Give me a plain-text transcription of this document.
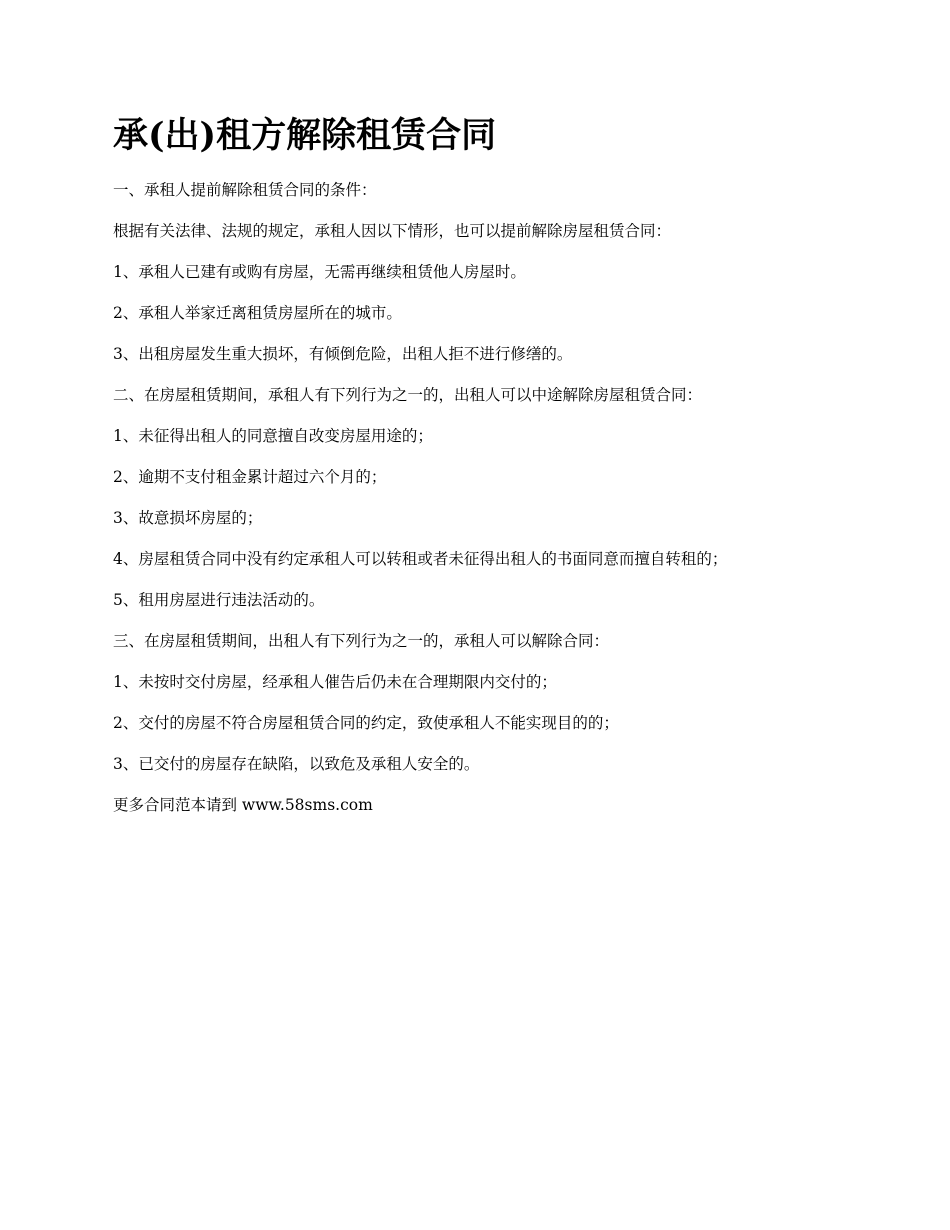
承(出)租方解除租赁合同

一、承租人提前解除租赁合同的条件：

根据有关法律、法规的规定，承租人因以下情形，也可以提前解除房屋租赁合同：

1、承租人已建有或购有房屋，无需再继续租赁他人房屋时。

2、承租人举家迁离租赁房屋所在的城市。

3、出租房屋发生重大损坏，有倾倒危险，出租人拒不进行修缮的。

二、在房屋租赁期间，承租人有下列行为之一的，出租人可以中途解除房屋租赁合同：

1、未征得出租人的同意擅自改变房屋用途的；

2、逾期不支付租金累计超过六个月的；

3、故意损坏房屋的；

4、房屋租赁合同中没有约定承租人可以转租或者未征得出租人的书面同意而擅自转租的；

5、租用房屋进行违法活动的。

三、在房屋租赁期间，出租人有下列行为之一的，承租人可以解除合同：

1、未按时交付房屋，经承租人催告后仍未在合理期限内交付的；

2、交付的房屋不符合房屋租赁合同的约定，致使承租人不能实现目的的；

3、已交付的房屋存在缺陷，以致危及承租人安全的。

更多合同范本请到 www.58sms.com
